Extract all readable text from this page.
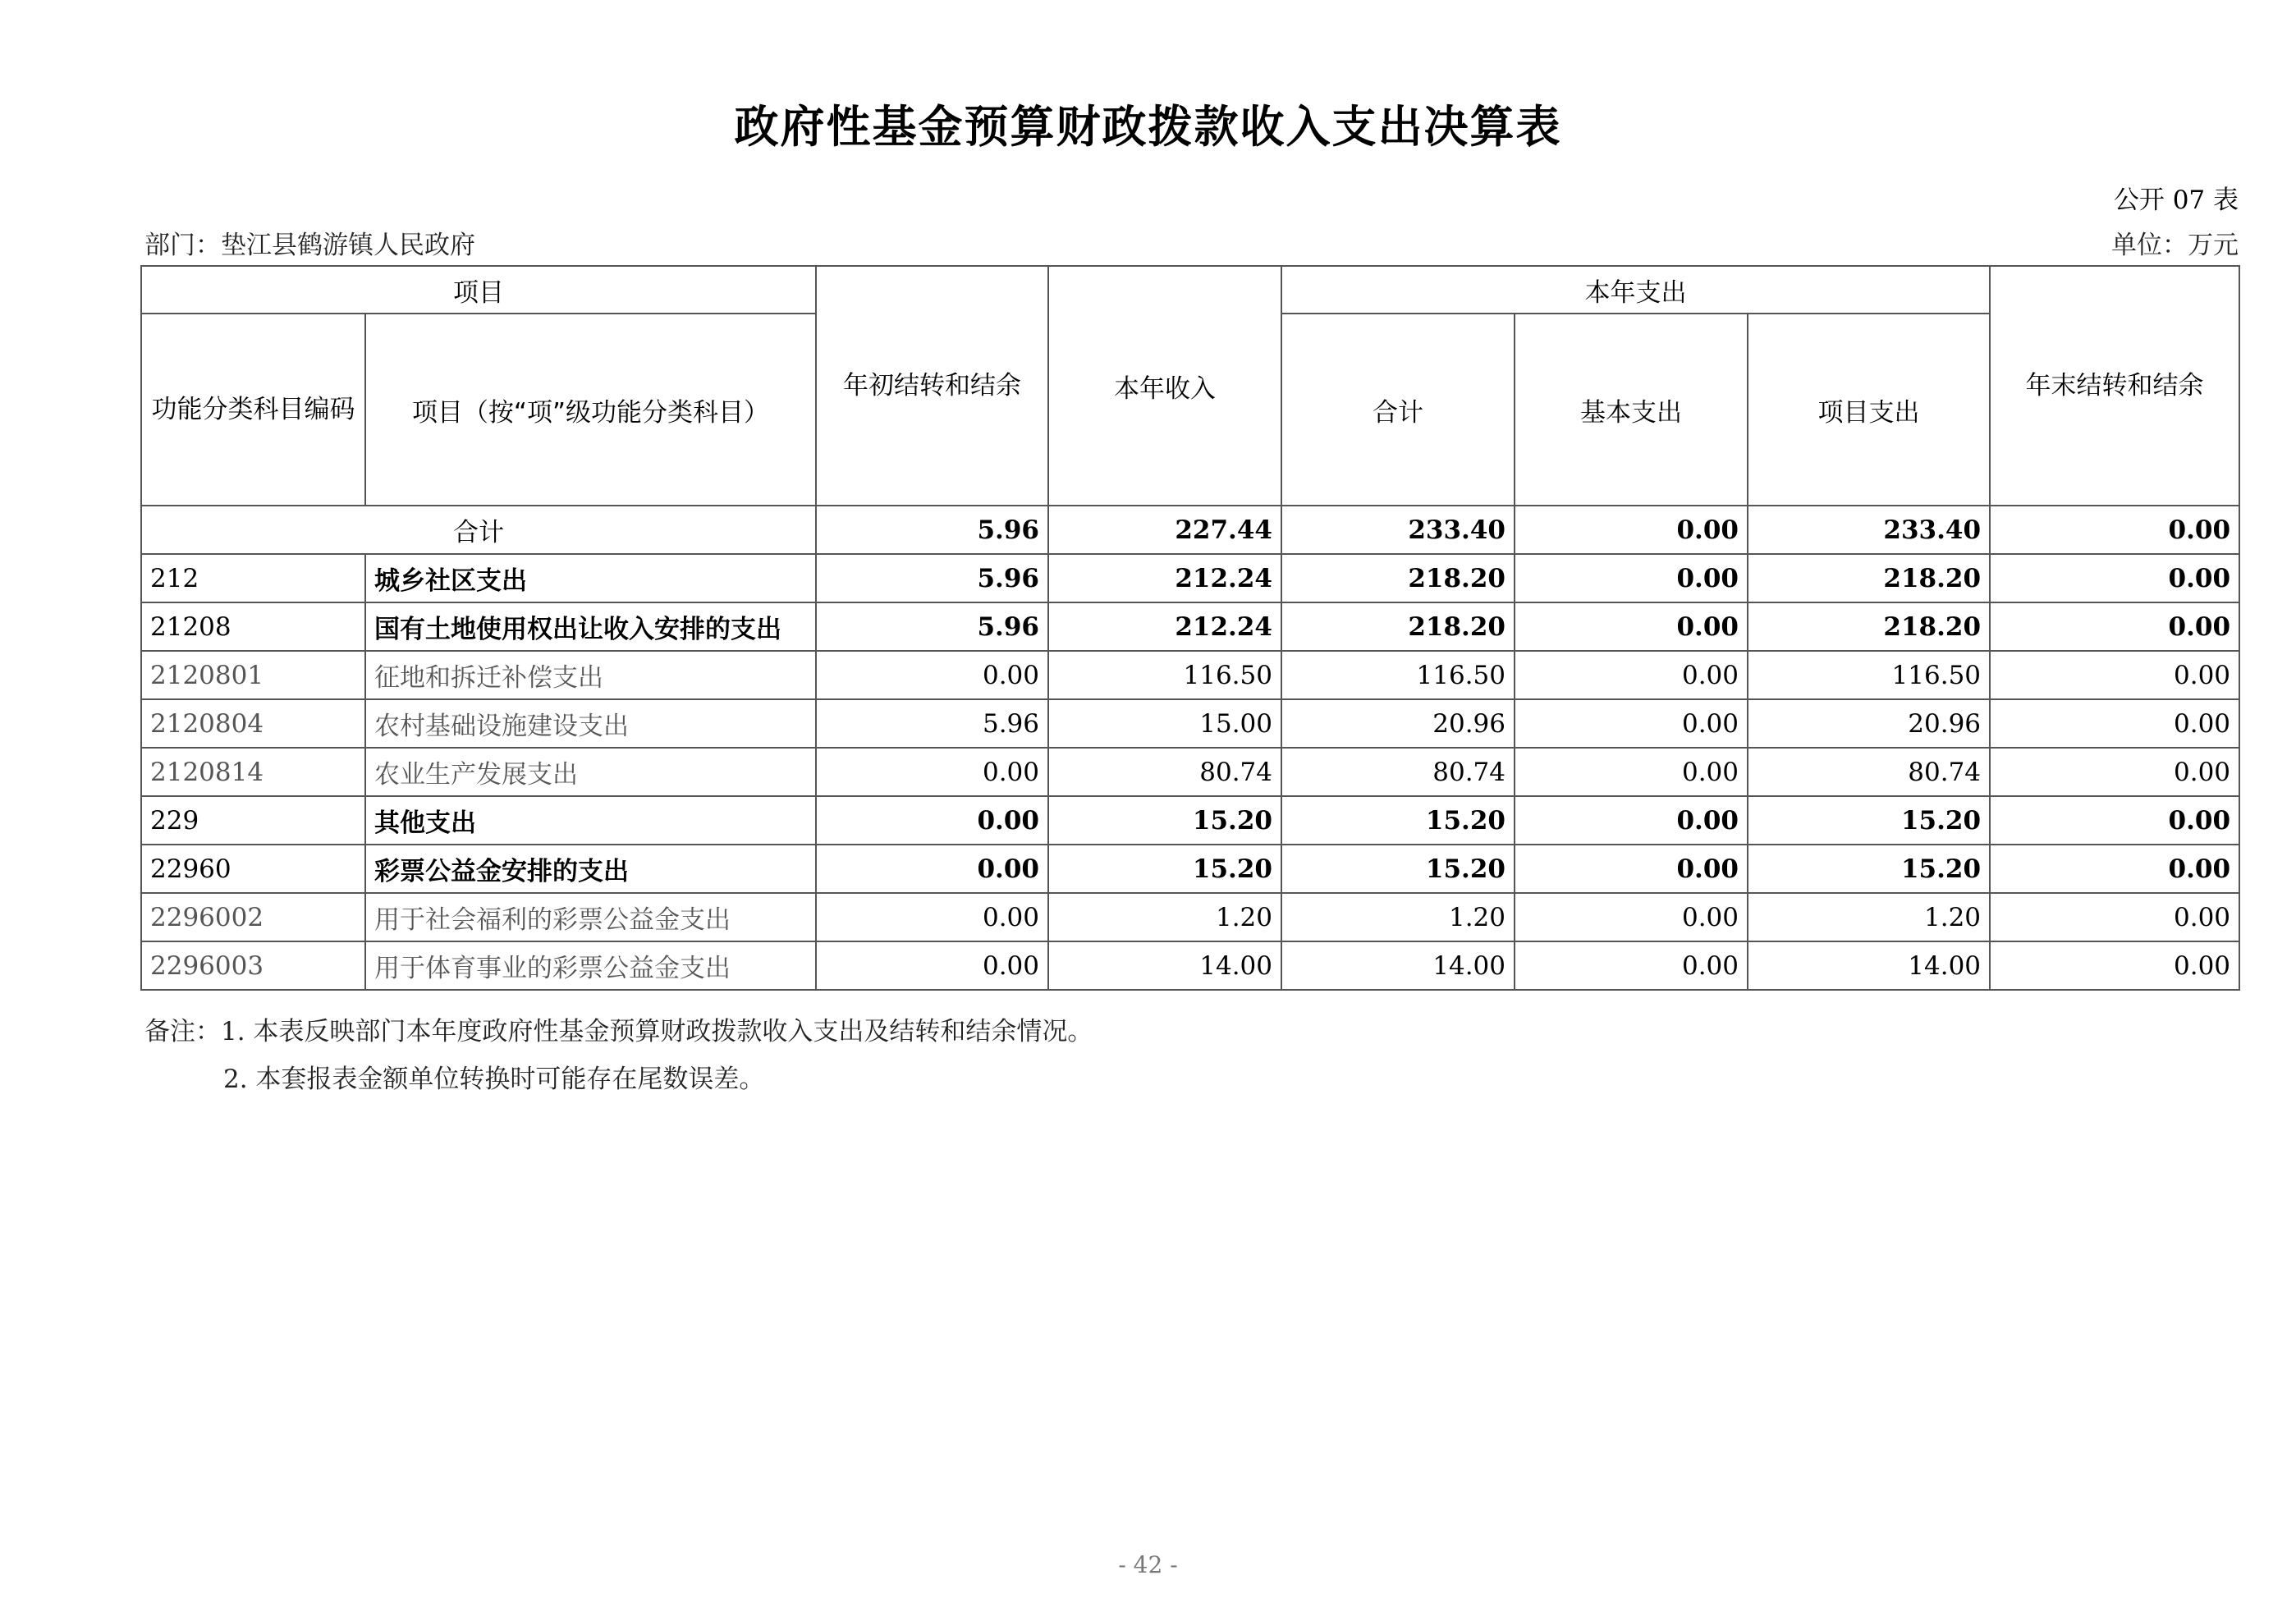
政府性基金预算财政拨款收入支出决算表
公开 07 表
部门：垫江县鹤游镇人民政府	单位：万元
项目		年初结转和结余	本年收入	本年支出			年末结转和结余
功能分类科目编码	项目（按“项”级功能分类科目）			合计	基本支出	项目支出	
合计		5.96	227.44	233.40	0.00	233.40	0.00
212	城乡社区支出	5.96	212.24	218.20	0.00	218.20	0.00
21208	国有土地使用权出让收入安排的支出	5.96	212.24	218.20	0.00	218.20	0.00
2120801	征地和拆迁补偿支出	0.00	116.50	116.50	0.00	116.50	0.00
2120804	农村基础设施建设支出	5.96	15.00	20.96	0.00	20.96	0.00
2120814	农业生产发展支出	0.00	80.74	80.74	0.00	80.74	0.00
229	其他支出	0.00	15.20	15.20	0.00	15.20	0.00
22960	彩票公益金安排的支出	0.00	15.20	15.20	0.00	15.20	0.00
2296002	用于社会福利的彩票公益金支出	0.00	1.20	1.20	0.00	1.20	0.00
2296003	用于体育事业的彩票公益金支出	0.00	14.00	14.00	0.00	14.00	0.00
备注：1. 本表反映部门本年度政府性基金预算财政拨款收入支出及结转和结余情况。
2. 本套报表金额单位转换时可能存在尾数误差。
- 42 -
